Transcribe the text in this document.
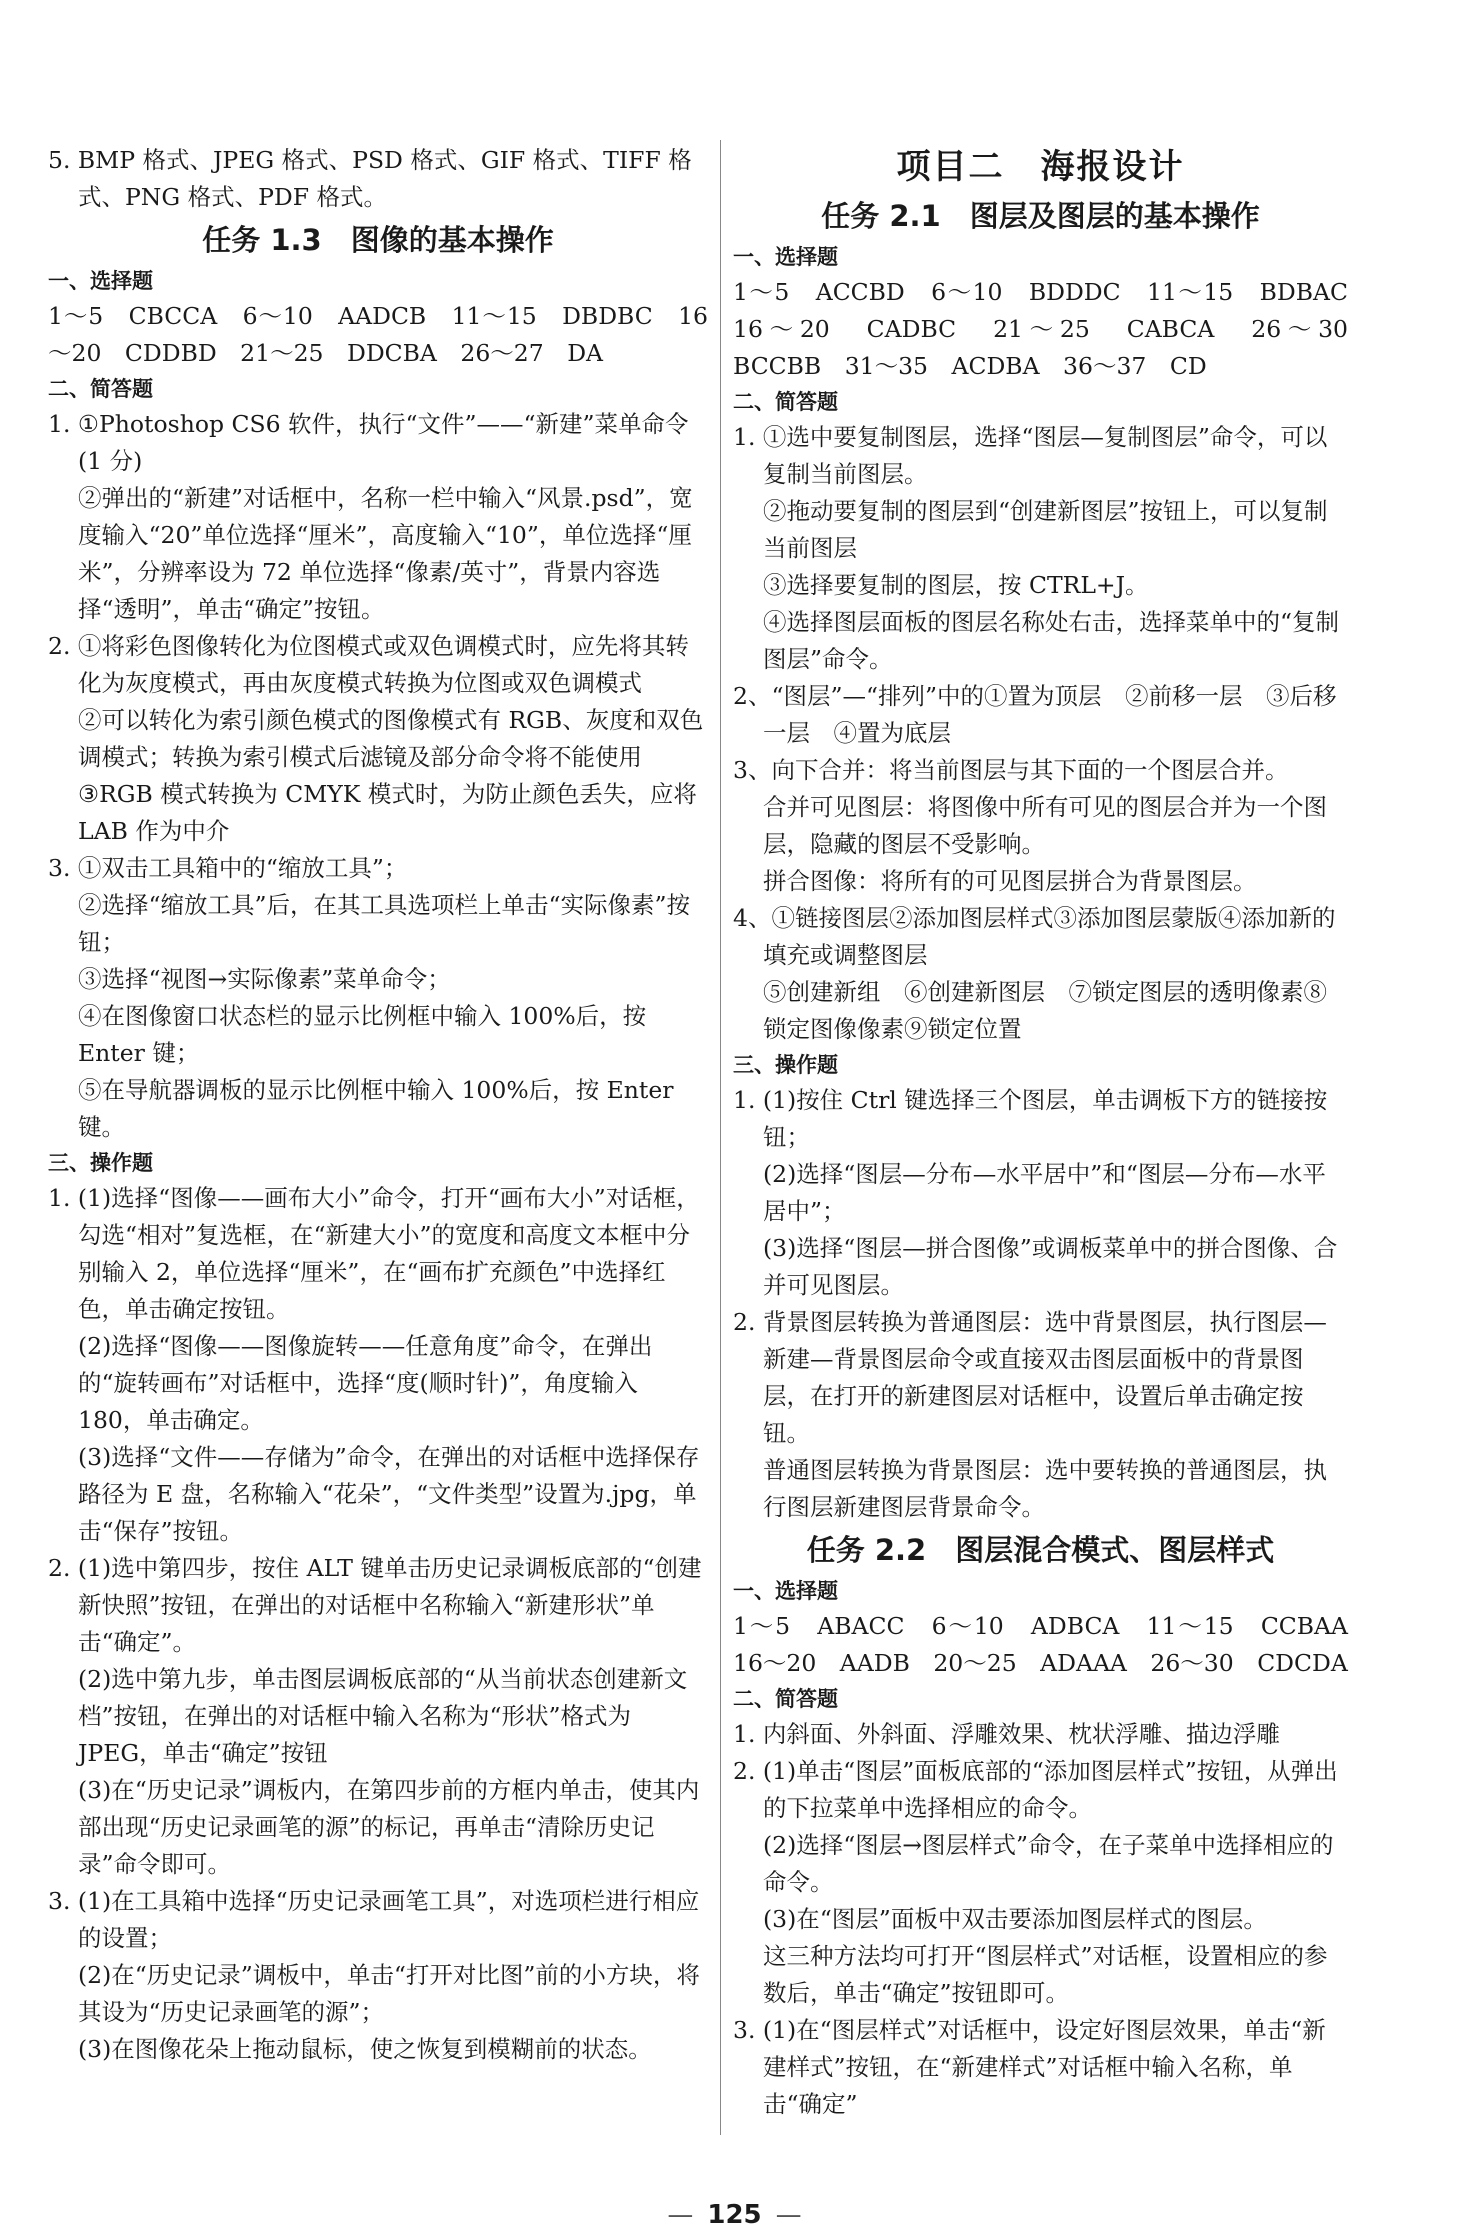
5. BMP 格式、JPEG 格式、PSD 格式、GIF 格式、TIFF 格式、PNG 格式、PDF 格式。

任务 1.3　图像的基本操作
一、选择题

1～5　CBCCA　6～10　AADCB　11～15　DBDBC　16～20　CDDBD　21～25　DDCBA　26～27　DA

二、简答题

1. ①Photoshop CS6 软件，执行“文件”——“新建”菜单命令(1 分)

②弹出的“新建”对话框中，名称一栏中输入“风景.psd”，宽度输入“20”单位选择“厘米”，高度输入“10”，单位选择“厘米”，分辨率设为 72 单位选择“像素/英寸”，背景内容选择“透明”，单击“确定”按钮。

2. ①将彩色图像转化为位图模式或双色调模式时，应先将其转化为灰度模式，再由灰度模式转换为位图或双色调模式

②可以转化为索引颜色模式的图像模式有 RGB、灰度和双色调模式；转换为索引模式后滤镜及部分命令将不能使用

③RGB 模式转换为 CMYK 模式时，为防止颜色丢失，应将 LAB 作为中介

3. ①双击工具箱中的“缩放工具”；

②选择“缩放工具”后，在其工具选项栏上单击“实际像素”按钮；

③选择“视图→实际像素”菜单命令；

④在图像窗口状态栏的显示比例框中输入 100%后，按 Enter 键；

⑤在导航器调板的显示比例框中输入 100%后，按 Enter 键。

三、操作题

1. (1)选择“图像——画布大小”命令，打开“画布大小”对话框，勾选“相对”复选框，在“新建大小”的宽度和高度文本框中分别输入 2，单位选择“厘米”，在“画布扩充颜色”中选择红色，单击确定按钮。

(2)选择“图像——图像旋转——任意角度”命令，在弹出的“旋转画布”对话框中，选择“度(顺时针)”，角度输入 180，单击确定。

(3)选择“文件——存储为”命令，在弹出的对话框中选择保存路径为 E 盘，名称输入“花朵”，“文件类型”设置为.jpg，单击“保存”按钮。

2. (1)选中第四步，按住 ALT 键单击历史记录调板底部的“创建新快照”按钮，在弹出的对话框中名称输入“新建形状”单击“确定”。

(2)选中第九步，单击图层调板底部的“从当前状态创建新文档”按钮，在弹出的对话框中输入名称为“形状”格式为 JPEG，单击“确定”按钮

(3)在“历史记录”调板内，在第四步前的方框内单击，使其内部出现“历史记录画笔的源”的标记，再单击“清除历史记录”命令即可。

3. (1)在工具箱中选择“历史记录画笔工具”，对选项栏进行相应的设置；

(2)在“历史记录”调板中，单击“打开对比图”前的小方块，将其设为“历史记录画笔的源”；

(3)在图像花朵上拖动鼠标，使之恢复到模糊前的状态。

项目二　海报设计
任务 2.1　图层及图层的基本操作
一、选择题

1～5　ACCBD　6～10　BDDDC　11～15　BDBAC　16～20　CADBC　21～25　CABCA　26～30　BCCBB　31～35　ACDBA　36～37　CD

二、简答题

1. ①选中要复制图层，选择“图层—复制图层”命令，可以复制当前图层。

②拖动要复制的图层到“创建新图层”按钮上，可以复制当前图层

③选择要复制的图层，按 CTRL+J。

④选择图层面板的图层名称处右击，选择菜单中的“复制图层”命令。

2、“图层”—“排列”中的①置为顶层　②前移一层　③后移一层　④置为底层

3、向下合并：将当前图层与其下面的一个图层合并。

合并可见图层：将图像中所有可见的图层合并为一个图层，隐藏的图层不受影响。

拼合图像：将所有的可见图层拼合为背景图层。

4、①链接图层②添加图层样式③添加图层蒙版④添加新的填充或调整图层

⑤创建新组　⑥创建新图层　⑦锁定图层的透明像素⑧锁定图像像素⑨锁定位置

三、操作题

1. (1)按住 Ctrl 键选择三个图层，单击调板下方的链接按钮；

(2)选择“图层—分布—水平居中”和“图层—分布—水平居中”；

(3)选择“图层—拼合图像”或调板菜单中的拼合图像、合并可见图层。

2. 背景图层转换为普通图层：选中背景图层，执行图层—新建—背景图层命令或直接双击图层面板中的背景图层，在打开的新建图层对话框中，设置后单击确定按钮。

普通图层转换为背景图层：选中要转换的普通图层，执行图层新建图层背景命令。

任务 2.2　图层混合模式、图层样式
一、选择题

1～5　ABACC　6～10　ADBCA　11～15　CCBAA　16～20　AADB　20～25　ADAAA　26～30　CDCDA

二、简答题

1. 内斜面、外斜面、浮雕效果、枕状浮雕、描边浮雕

2. (1)单击“图层”面板底部的“添加图层样式”按钮，从弹出的下拉菜单中选择相应的命令。

(2)选择“图层→图层样式”命令，在子菜单中选择相应的命令。

(3)在“图层”面板中双击要添加图层样式的图层。

这三种方法均可打开“图层样式”对话框，设置相应的参数后，单击“确定”按钮即可。

3. (1)在“图层样式”对话框中，设定好图层效果，单击“新建样式”按钮，在“新建样式”对话框中输入名称，单击“确定”

— 125 —
